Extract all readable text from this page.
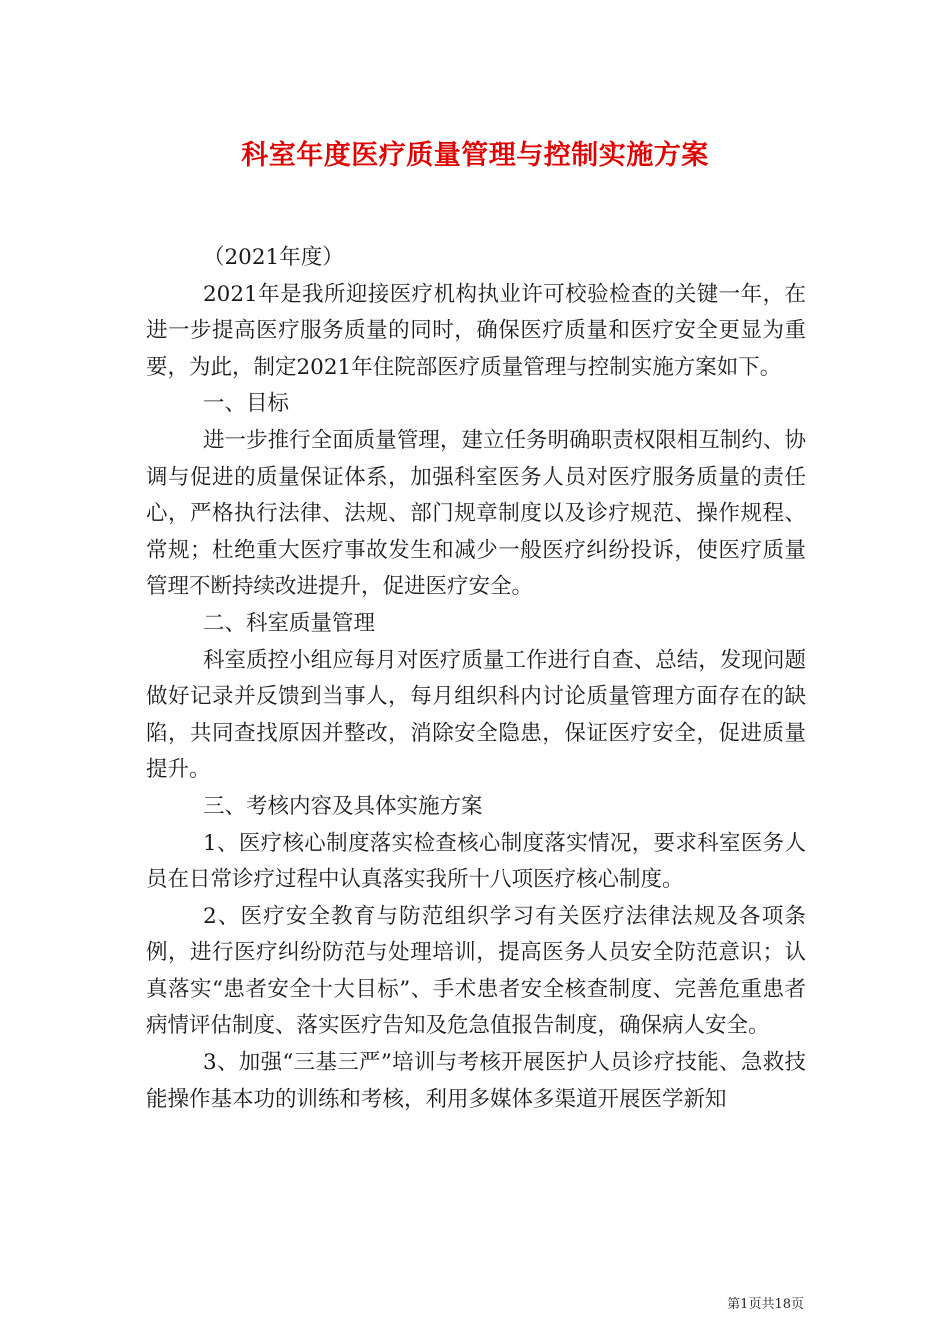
科室年度医疗质量管理与控制实施方案

（2021年度）

2021年是我所迎接医疗机构执业许可校验检查的关键一年，在进一步提高医疗服务质量的同时，确保医疗质量和医疗安全更显为重要，为此，制定2021年住院部医疗质量管理与控制实施方案如下。

一、目标

进一步推行全面质量管理，建立任务明确职责权限相互制约、协调与促进的质量保证体系，加强科室医务人员对医疗服务质量的责任心，严格执行法律、法规、部门规章制度以及诊疗规范、操作规程、常规；杜绝重大医疗事故发生和减少一般医疗纠纷投诉，使医疗质量管理不断持续改进提升，促进医疗安全。

二、科室质量管理

科室质控小组应每月对医疗质量工作进行自查、总结，发现问题做好记录并反馈到当事人，每月组织科内讨论质量管理方面存在的缺陷，共同查找原因并整改，消除安全隐患，保证医疗安全，促进质量提升。

三、考核内容及具体实施方案

1、医疗核心制度落实检查核心制度落实情况，要求科室医务人员在日常诊疗过程中认真落实我所十八项医疗核心制度。

2、医疗安全教育与防范组织学习有关医疗法律法规及各项条例，进行医疗纠纷防范与处理培训，提高医务人员安全防范意识；认真落实“患者安全十大目标”、手术患者安全核查制度、完善危重患者病情评估制度、落实医疗告知及危急值报告制度，确保病人安全。

3、加强“三基三严”培训与考核开展医护人员诊疗技能、急救技能操作基本功的训练和考核，利用多媒体多渠道开展医学新知

第1页共18页
